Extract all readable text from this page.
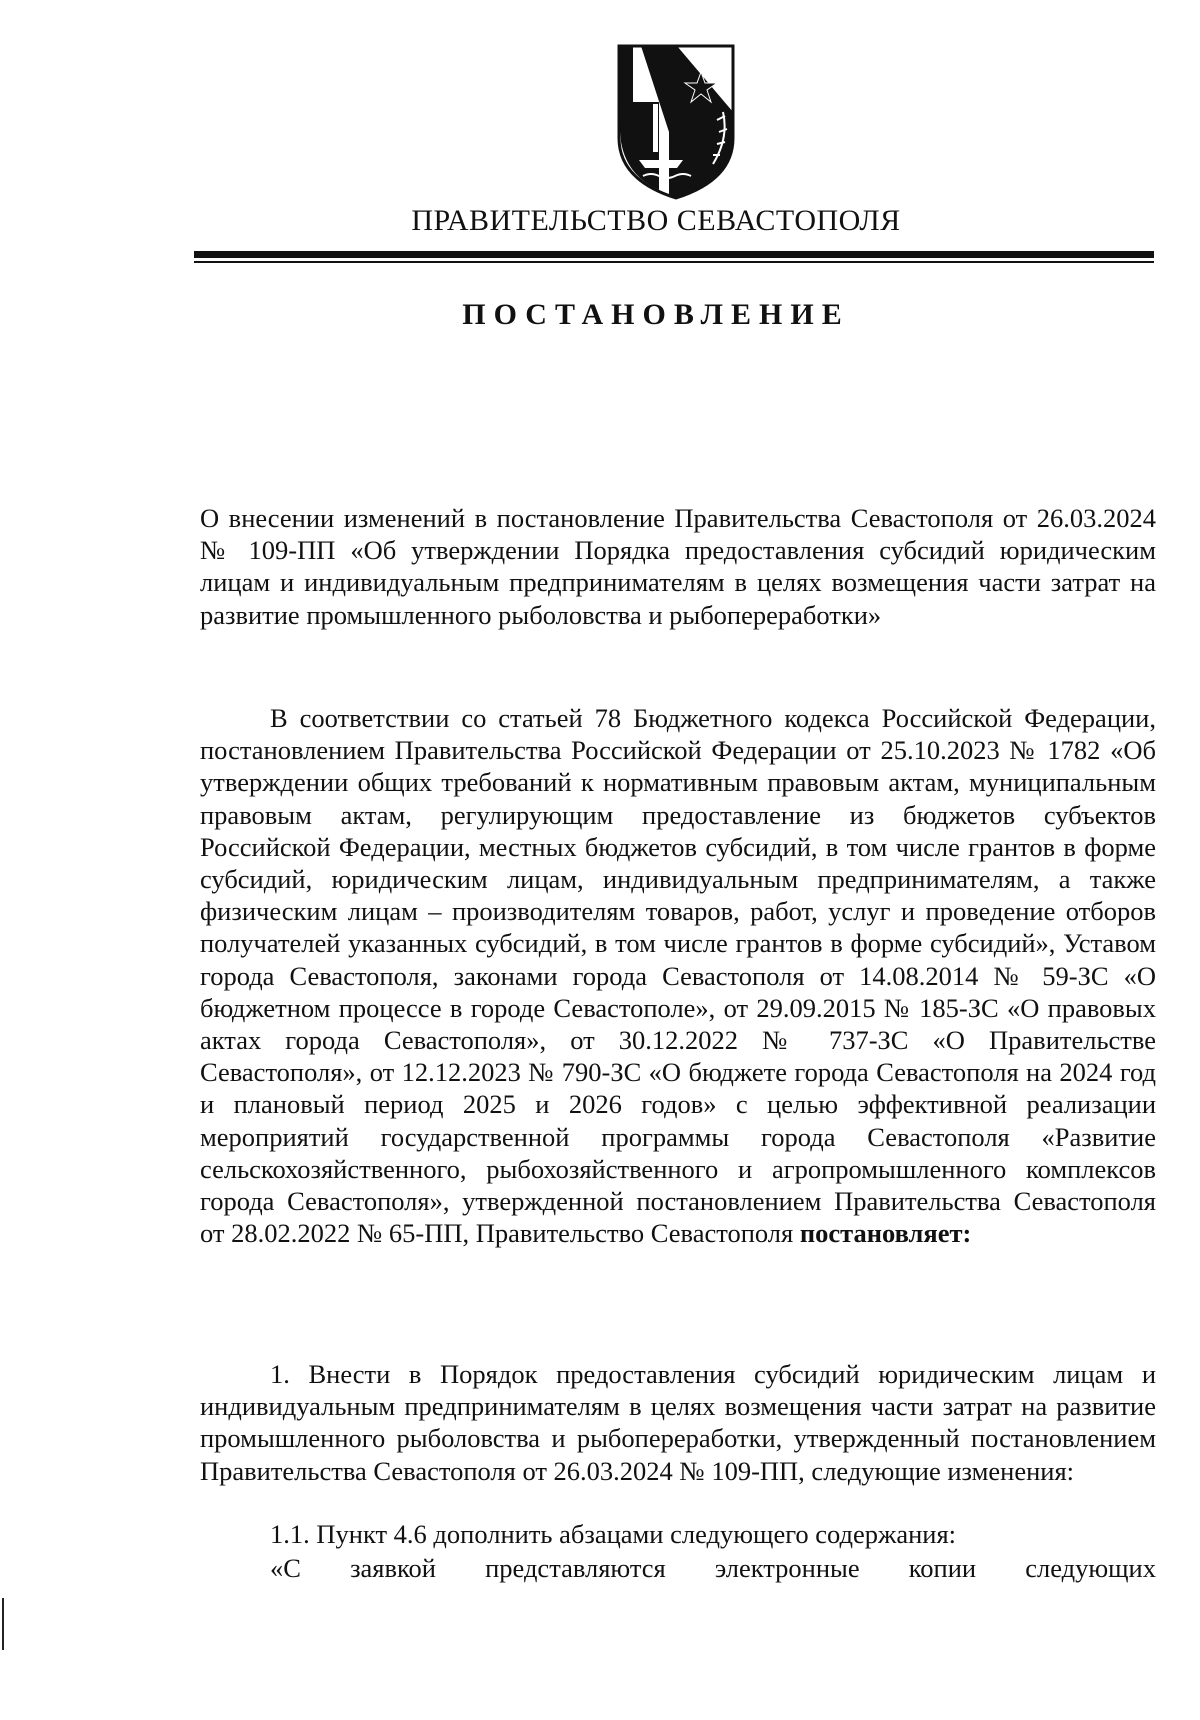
ПРАВИТЕЛЬСТВО СЕВАСТОПОЛЯ
ПОСТАНОВЛЕНИЕ
О внесении изменений в постановление Правительства Севастополя от 26.03.2024 № 109-ПП «Об утверждении Порядка предоставления субсидий юридическим лицам и индивидуальным предпринимателям в целях возмещения части затрат на развитие промышленного рыболовства и рыбопереработки»
В соответствии со статьей 78 Бюджетного кодекса Российской Федерации, постановлением Правительства Российской Федерации от 25.10.2023 № 1782 «Об утверждении общих требований к нормативным правовым актам, муниципальным правовым актам, регулирующим предоставление из бюджетов субъектов Российской Федерации, местных бюджетов субсидий, в том числе грантов в форме субсидий, юридическим лицам, индивидуальным предпринимателям, а также физическим лицам – производителям товаров, работ, услуг и проведение отборов получателей указанных субсидий, в том числе грантов в форме субсидий», Уставом города Севастополя, законами города Севастополя от 14.08.2014 № 59-ЗС «О бюджетном процессе в городе Севастополе», от 29.09.2015 № 185-ЗС «О правовых актах города Севастополя», от 30.12.2022 № 737-ЗС «О Правительстве Севастополя», от 12.12.2023 № 790-ЗС «О бюджете города Севастополя на 2024 год и плановый период 2025 и 2026 годов» с целью эффективной реализации мероприятий государственной программы города Севастополя «Развитие сельскохозяйственного, рыбохозяйственного и агропромышленного комплексов города Севастополя», утвержденной постановлением Правительства Севастополя от 28.02.2022 № 65-ПП, Правительство Севастополя постановляет:
1. Внести в Порядок предоставления субсидий юридическим лицам и индивидуальным предпринимателям в целях возмещения части затрат на развитие промышленного рыболовства и рыбопереработки, утвержденный постановлением Правительства Севастополя от 26.03.2024 № 109-ПП, следующие изменения:
1.1. Пункт 4.6 дополнить абзацами следующего содержания:
«С заявкой представляются электронные копии следующих
